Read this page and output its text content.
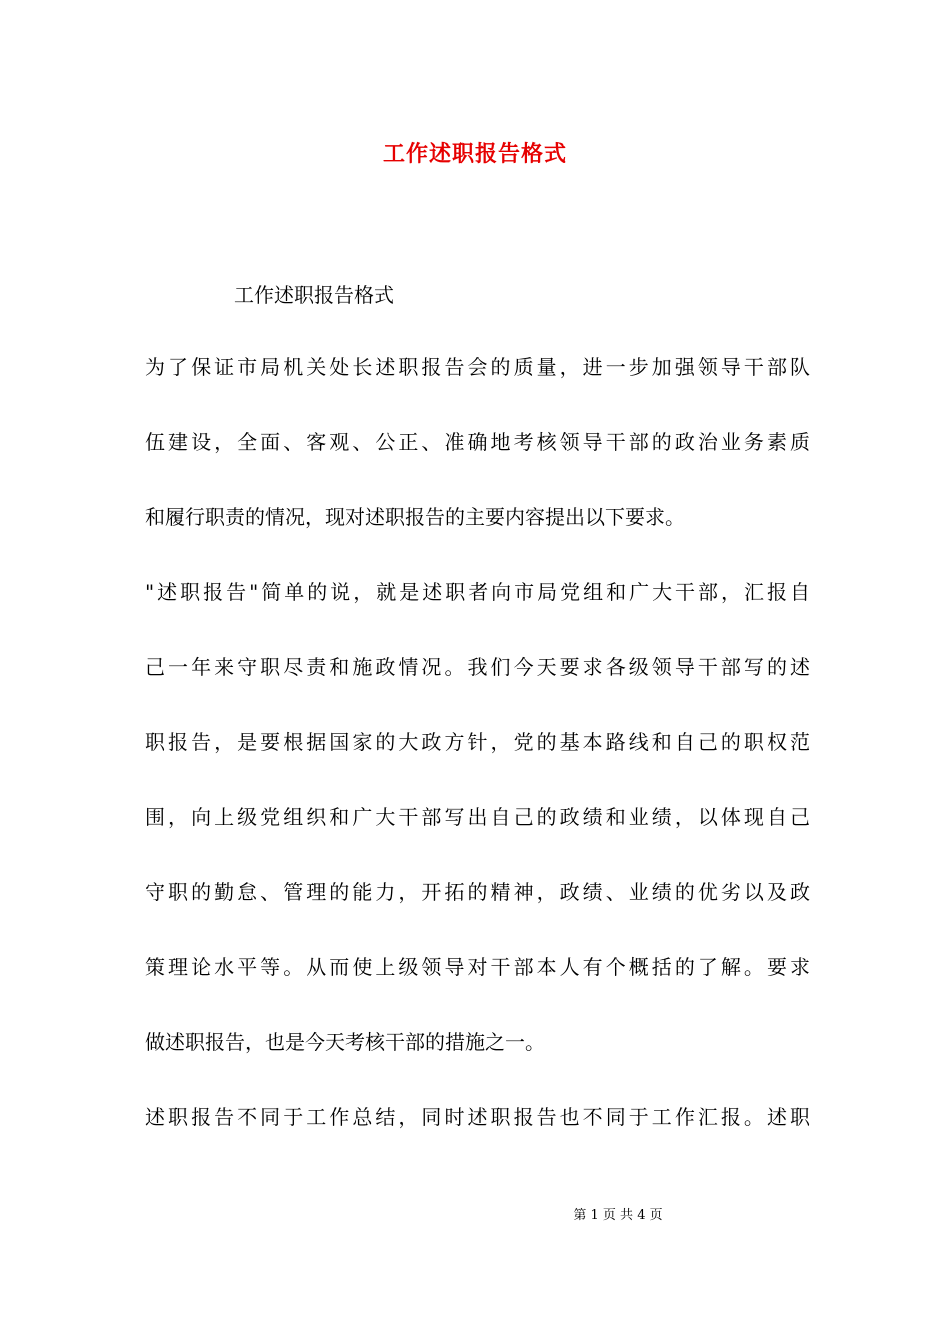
工作述职报告格式

工作述职报告格式

为了保证市局机关处长述职报告会的质量，进一步加强领导干部队

伍建设，全面、客观、公正、准确地考核领导干部的政治业务素质

和履行职责的情况，现对述职报告的主要内容提出以下要求。

"述职报告"简单的说，就是述职者向市局党组和广大干部，汇报自

己一年来守职尽责和施政情况。我们今天要求各级领导干部写的述

职报告，是要根据国家的大政方针，党的基本路线和自己的职权范

围，向上级党组织和广大干部写出自己的政绩和业绩，以体现自己

守职的勤怠、管理的能力，开拓的精神，政绩、业绩的优劣以及政

策理论水平等。从而使上级领导对干部本人有个概括的了解。要求

做述职报告，也是今天考核干部的措施之一。

述职报告不同于工作总结，同时述职报告也不同于工作汇报。述职

第 1 页 共 4 页
